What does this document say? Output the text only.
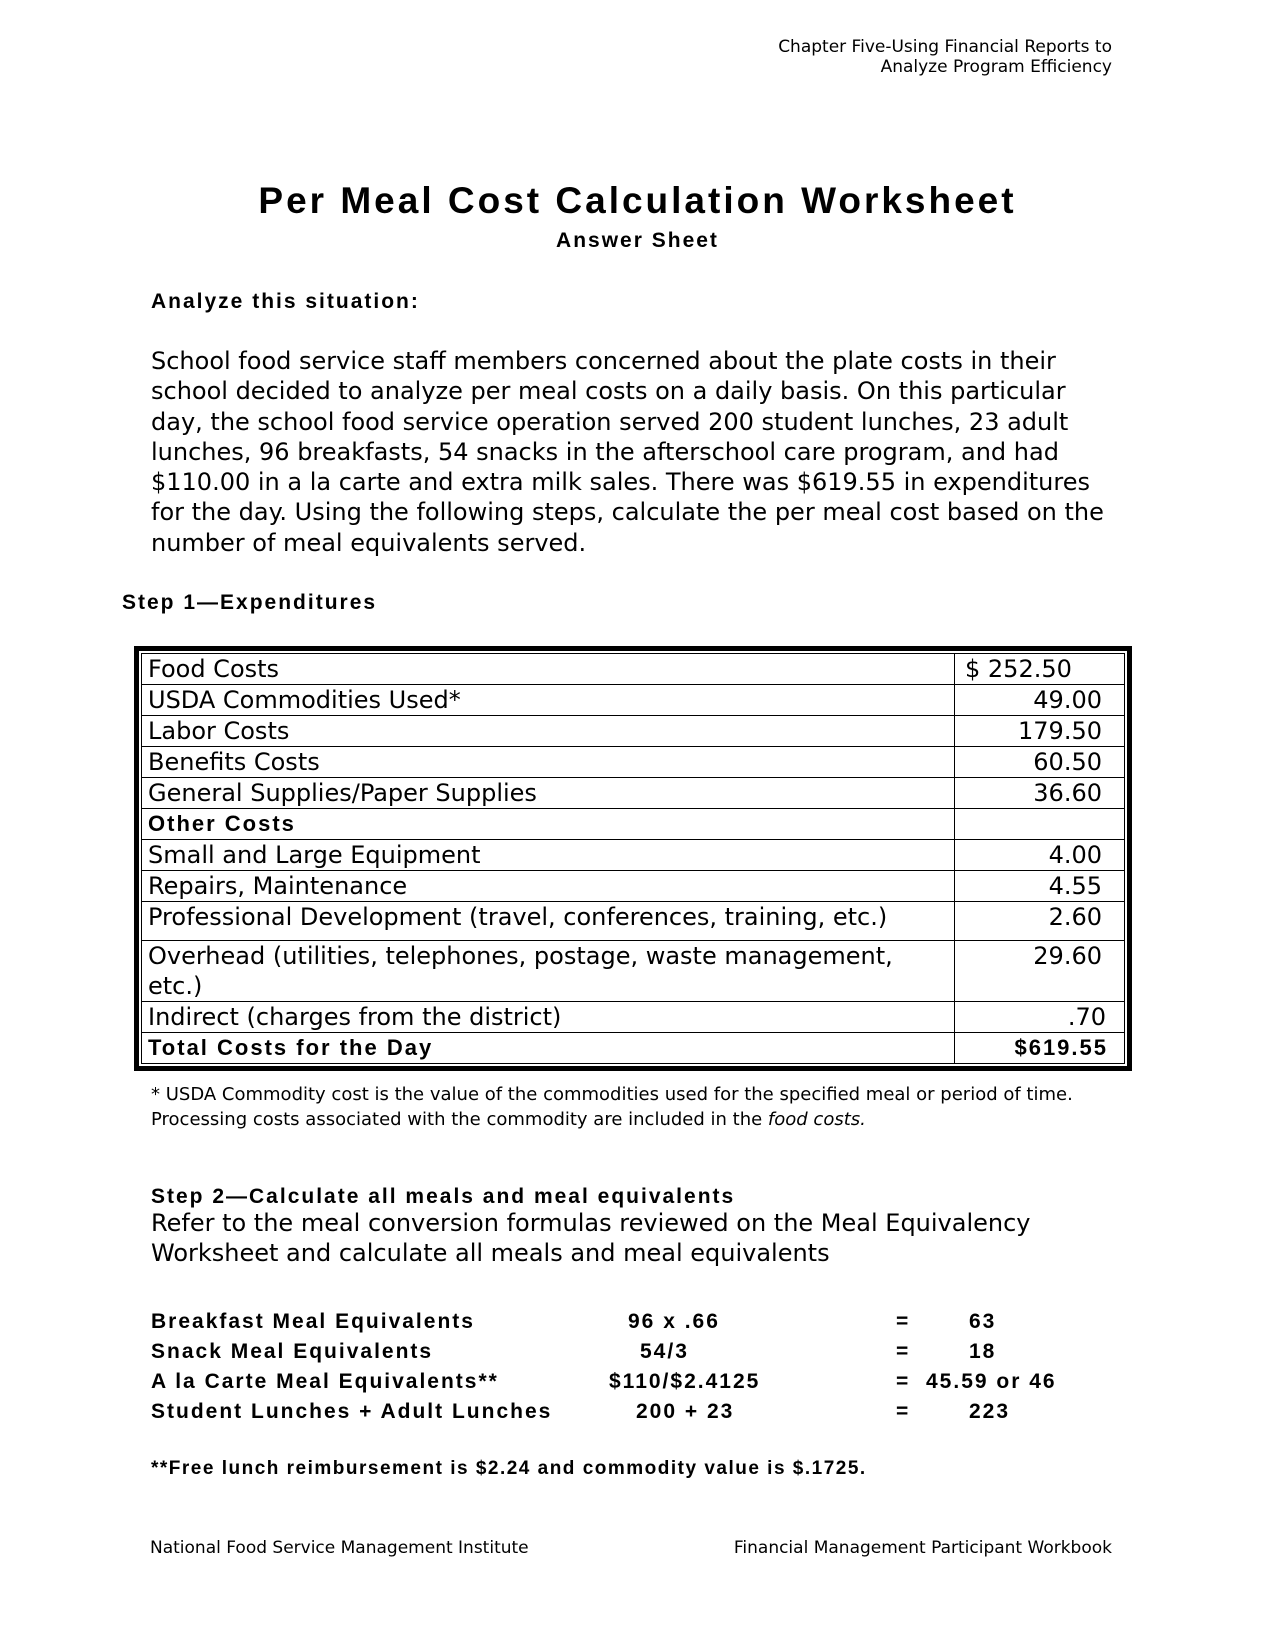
Chapter Five-Using Financial Reports to
Analyze Program Efficiency
Per Meal Cost Calculation Worksheet
Answer Sheet
Analyze this situation:
School food service staff members concerned about the plate costs in their school decided to analyze per meal costs on a daily basis. On this particular day, the school food service operation served 200 student lunches, 23 adult lunches, 96 breakfasts, 54 snacks in the afterschool care program, and had $110.00 in a la carte and extra milk sales. There was $619.55 in expenditures for the day. Using the following steps, calculate the per meal cost based on the number of meal equivalents served.
Step 1—Expenditures
Food Costs	$ 252.50
USDA Commodities Used*	49.00
Labor Costs	179.50
Benefits Costs	60.50
General Supplies/Paper Supplies	36.60
Other Costs	
Small and Large Equipment	4.00
Repairs, Maintenance	4.55
Professional Development (travel, conferences, training, etc.)	2.60
Overhead (utilities, telephones, postage, waste management, etc.)	29.60
Indirect (charges from the district)	.70
Total Costs for the Day	$619.55
* USDA Commodity cost is the value of the commodities used for the specified meal or period of time. Processing costs associated with the commodity are included in the food costs.
Step 2—Calculate all meals and meal equivalents
Refer to the meal conversion formulas reviewed on the Meal Equivalency Worksheet and calculate all meals and meal equivalents
Breakfast Meal Equivalents	96 x .66	=	63
Snack Meal Equivalents	54/3	=	18
A la Carte Meal Equivalents**	$110/$2.4125	= 45.59 or 46
Student Lunches + Adult Lunches	200 + 23	=	223
**Free lunch reimbursement is $2.24 and commodity value is $.1725.
National Food Service Management Institute	Financial Management Participant Workbook
